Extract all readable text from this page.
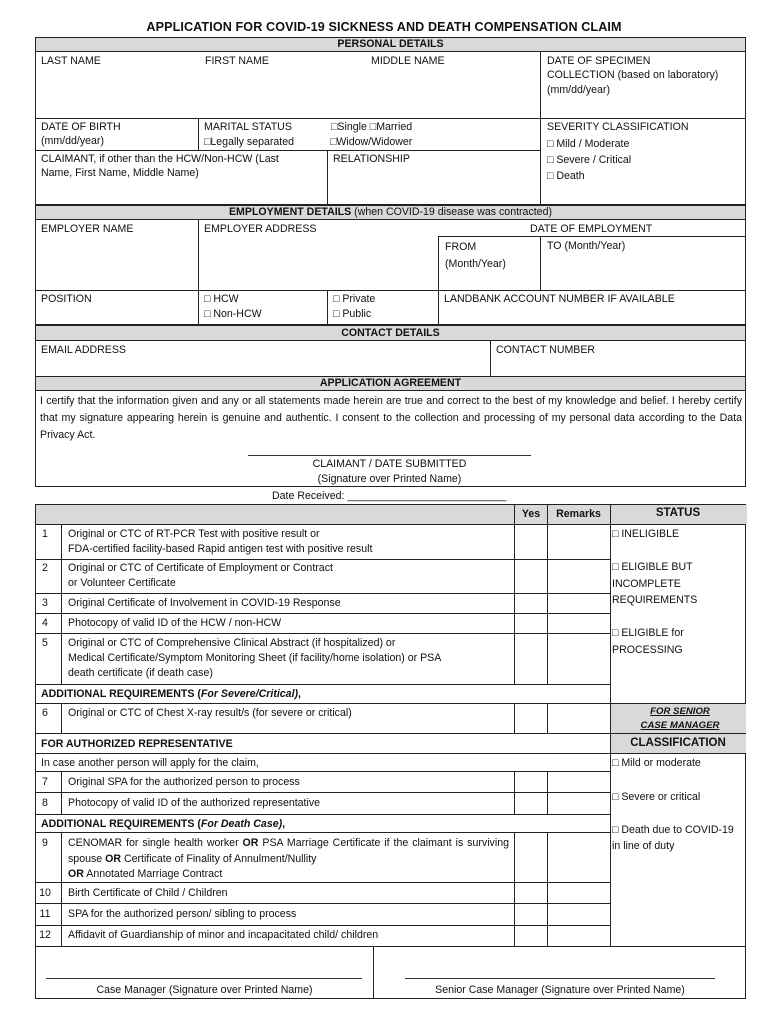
APPLICATION FOR COVID-19 SICKNESS AND DEATH COMPENSATION CLAIM
PERSONAL DETAILS
LAST NAME	FIRST NAME	MIDDLE NAME	DATE OF SPECIMEN
COLLECTION (based on laboratory)
(mm/dd/year)
DATE OF BIRTH
(mm/dd/year)
MARITAL STATUS	□Single □Married
□Legally separated	□Widow/Widower
SEVERITY CLASSIFICATION
□ Mild / Moderate
□ Severe / Critical
□ Death
CLAIMANT, if other than the HCW/Non-HCW (Last
Name, First Name, Middle Name)
RELATIONSHIP
EMPLOYMENT DETAILS (when COVID-19 disease was contracted)
EMPLOYER NAME	EMPLOYER ADDRESS	DATE OF EMPLOYMENT
FROM
(Month/Year)
TO (Month/Year)
POSITION	□ HCW
□ Non-HCW
□ Private
□ Public
LANDBANK ACCOUNT NUMBER IF AVAILABLE
CONTACT DETAILS
EMAIL ADDRESS	CONTACT NUMBER
APPLICATION AGREEMENT
I certify that the information given and any or all statements made herein are true and correct to the best of my knowledge and belief. I hereby certify that my signature appearing herein is genuine and authentic. I consent to the collection and processing of my personal data according to the Data Privacy Act.
CLAIMANT / DATE SUBMITTED
(Signature over Printed Name)
Date Received: ___________________________
Yes	Remarks	STATUS
1	Original or CTC of RT-PCR Test with positive result or
FDA-certified facility-based Rapid antigen test with positive result
2	Original or CTC of Certificate of Employment or Contract
or Volunteer Certificate
3	Original Certificate of Involvement in COVID-19 Response
4	Photocopy of valid ID of the HCW / non-HCW
5	Original or CTC of Comprehensive Clinical Abstract (if hospitalized) or
Medical Certificate/Symptom Monitoring Sheet (if facility/home isolation) or PSA
death certificate (if death case)
ADDITIONAL REQUIREMENTS (For Severe/Critical),
6	Original or CTC of Chest X-ray result/s (for severe or critical)
FOR AUTHORIZED REPRESENTATIVE
In case another person will apply for the claim,
7	Original SPA for the authorized person to process
8	Photocopy of valid ID of the authorized representative
ADDITIONAL REQUIREMENTS (For Death Case),
9	CENOMAR for single health worker OR PSA Marriage Certificate if the claimant is surviving spouse OR Certificate of Finality of Annulment/Nullity
OR Annotated Marriage Contract
10	Birth Certificate of Child / Children
11	SPA for the authorized person/ sibling to process
12	Affidavit of Guardianship of minor and incapacitated child/ children
□ INELIGIBLE
□ ELIGIBLE BUT INCOMPLETE REQUIREMENTS
□ ELIGIBLE for PROCESSING
FOR SENIOR CASE MANAGER
CLASSIFICATION
□ Mild or moderate
□ Severe or critical
□ Death due to COVID-19 in line of duty
Case Manager (Signature over Printed Name)	Senior Case Manager (Signature over Printed Name)
